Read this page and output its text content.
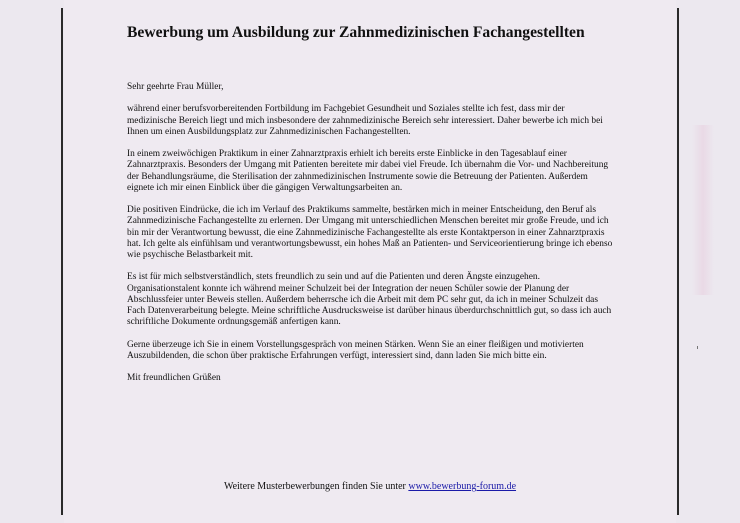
Bewerbung um Ausbildung zur Zahnmedizinischen Fachangestellten

Sehr geehrte Frau Müller,

während einer berufsvorbereitenden Fortbildung im Fachgebiet Gesundheit und Soziales stellte ich fest, dass mir der medizinische Bereich liegt und mich insbesondere der zahnmedizinische Bereich sehr interessiert. Daher bewerbe ich mich bei Ihnen um einen Ausbildungsplatz zur Zahnmedizinischen Fachangestellten.

In einem zweiwöchigen Praktikum in einer Zahnarztpraxis erhielt ich bereits erste Einblicke in den Tagesablauf einer Zahnarztpraxis. Besonders der Umgang mit Patienten bereitete mir dabei viel Freude. Ich übernahm die Vor- und Nachbereitung der Behandlungsräume, die Sterilisation der zahnmedizinischen Instrumente sowie die Betreuung der Patienten. Außerdem eignete ich mir einen Einblick über die gängigen Verwaltungsarbeiten an.

Die positiven Eindrücke, die ich im Verlauf des Praktikums sammelte, bestärken mich in meiner Entscheidung, den Beruf als Zahnmedizinische Fachangestellte zu erlernen. Der Umgang mit unterschiedlichen Menschen bereitet mir große Freude, und ich bin mir der Verantwortung bewusst, die eine Zahnmedizinische Fachangestellte als erste Kontaktperson in einer Zahnarztpraxis hat. Ich gelte als einfühlsam und verantwortungsbewusst, ein hohes Maß an Patienten- und Serviceorientierung bringe ich ebenso wie psychische Belastbarkeit mit.

Es ist für mich selbstverständlich, stets freundlich zu sein und auf die Patienten und deren Ängste einzugehen. Organisationstalent konnte ich während meiner Schulzeit bei der Integration der neuen Schüler sowie der Planung der Abschlussfeier unter Beweis stellen. Außerdem beherrsche ich die Arbeit mit dem PC sehr gut, da ich in meiner Schulzeit das Fach Datenverarbeitung belegte. Meine schriftliche Ausdrucksweise ist darüber hinaus überdurchschnittlich gut, so dass ich auch schriftliche Dokumente ordnungsgemäß anfertigen kann.

Gerne überzeuge ich Sie in einem Vorstellungsgespräch von meinen Stärken. Wenn Sie an einer fleißigen und motivierten Auszubildenden, die schon über praktische Erfahrungen verfügt, interessiert sind, dann laden Sie mich bitte ein.

Mit freundlichen Grüßen

Weitere Musterbewerbungen finden Sie unter www.bewerbung-forum.de
